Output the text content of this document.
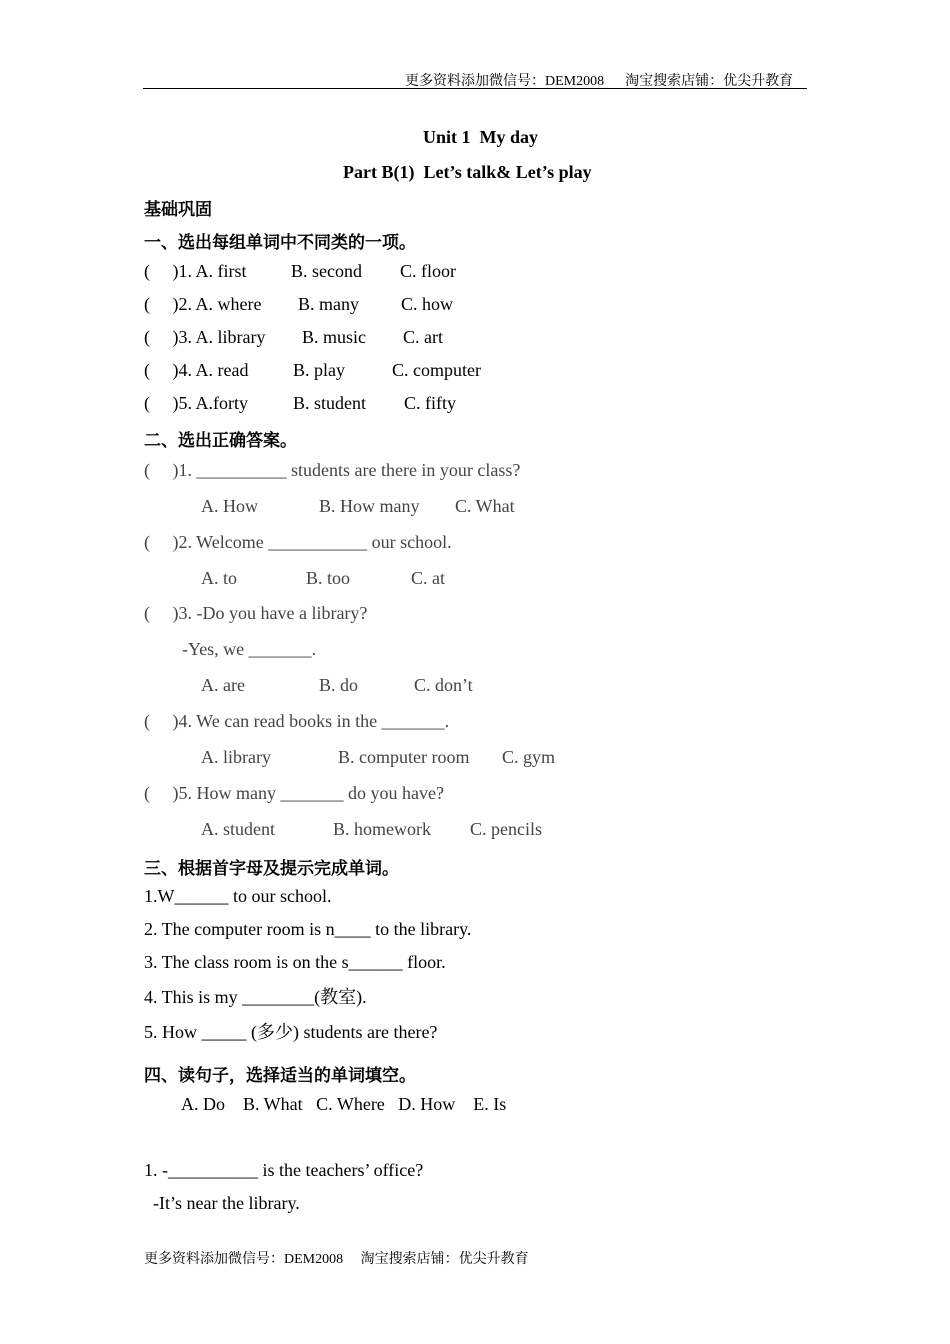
更多资料添加微信号：DEM2008      淘宝搜索店铺：优尖升教育
Unit 1  My day
Part B(1)  Let’s talk& Let’s play
基础巩固
一、选出每组单词中不同类的一项。
(     )1. A. first B. second C. floor
(     )2. A. where B. many C. how
(     )3. A. library B. music C. art
(     )4. A. read B. play	C. computer
(     )5. A.forty	B. student C. fifty
二、选出正确答案。
(     )1. __________ students are there in your class?
A. How	B. How many C. What
(     )2. Welcome ___________ our school.
A. to	B. too	C. at
(     )3. -Do you have a library?
-Yes, we _______.
A. are	B. do	C. don’t
(     )4. We can read books in the _______.
A. library	B. computer room C. gym
(     )5. How many _______ do you have?
A. student	B. homework C. pencils
三、根据首字母及提示完成单词。
1.W______ to our school.
2. The computer room is n____ to the library.
3. The class room is on the s______ floor.
4. This is my ________(教室).
5. How _____ (多少) students are there?
四、读句子，选择适当的单词填空。
A. Do    B. What   C. Where   D. How    E. Is
1. -__________ is the teachers’ office?
-It’s near the library.
更多资料添加微信号：DEM2008     淘宝搜索店铺：优尖升教育
